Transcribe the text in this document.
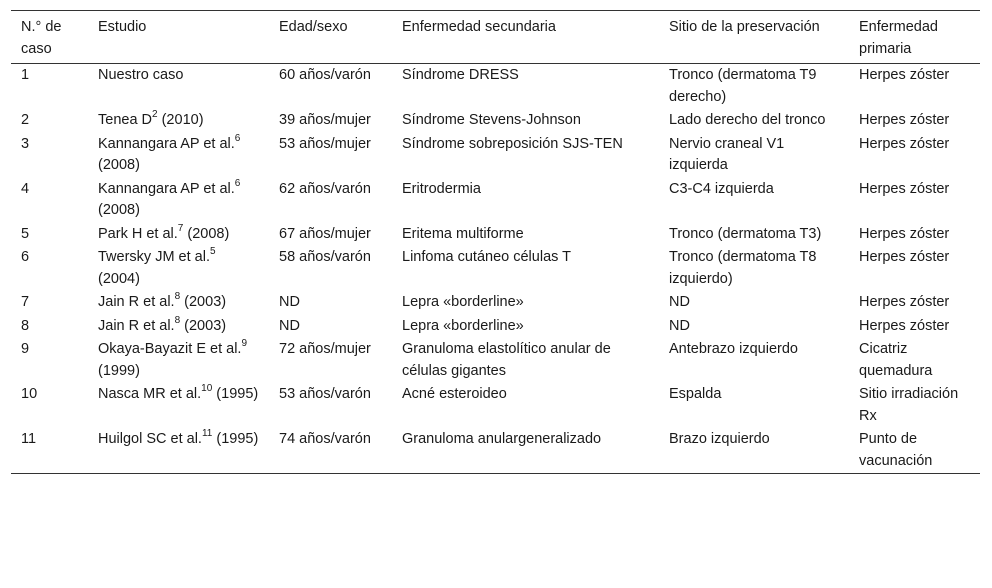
N.° de caso	Estudio	Edad/sexo	Enfermedad secundaria	Sitio de la preservación	Enfermedad primaria
1	Nuestro caso	60 años/varón	Síndrome DRESS	Tronco (dermatoma T9 derecho)	Herpes zóster
2	Tenea $D^2$ (2010)	39 años/mujer	Síndrome Stevens-Johnson	Lado derecho del tronco	Herpes zóster
3	Kannangara AP et al.$^6$ (2008)	53 años/mujer	Síndrome sobreposición SJS-TEN	Nervio craneal V1 izquierda	Herpes zóster
4	Kannangara AP et al.$^6$ (2008)	62 años/varón	Eritrodermia	C3-C4 izquierda	Herpes zóster
5	Park H et al.$^7$ (2008)	67 años/mujer	Eritema multiforme	Tronco (dermatoma T3)	Herpes zóster
6	Twersky JM et al.$^5$ (2004)	58 años/varón	Linfoma cutáneo células T	Tronco (dermatoma T8 izquierdo)	Herpes zóster
7	Jain R et al.$^8$ (2003)	ND	Lepra «borderline»	ND	Herpes zóster
8	Jain R et al.$^8$ (2003)	ND	Lepra «borderline»	ND	Herpes zóster
9	Okaya-Bayazit E et al.$^9$ (1999)	72 años/mujer	Granuloma elastolítico anular de células gigantes	Antebrazo izquierdo	Cicatriz quemadura
10	Nasca MR et al.$^{10}$ (1995)	53 años/varón	Acné esteroideo	Espalda	Sitio irradiación Rx
11	Huilgol SC et al.$^{11}$ (1995)	74 años/varón	Granuloma anulargeneralizado	Brazo izquierdo	Punto de vacunación
